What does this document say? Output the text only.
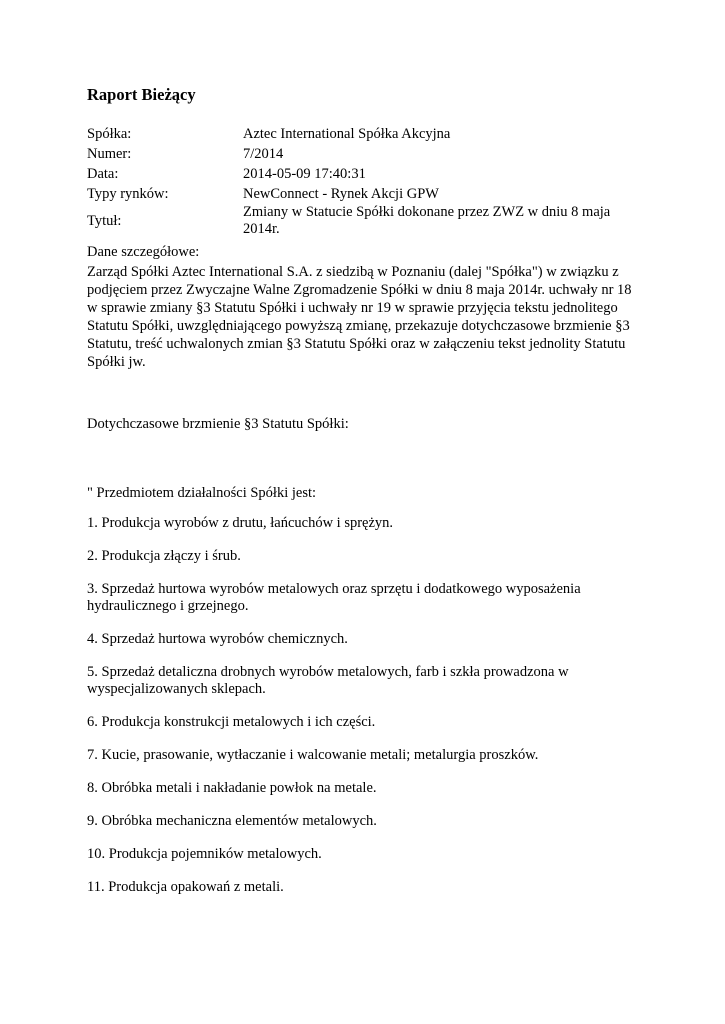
Raport Bieżący
Spółka:	Aztec International Spółka Akcyjna
Numer:	7/2014
Data:	2014-05-09 17:40:31
Typy rynków:	NewConnect - Rynek Akcji GPW
Tytuł:
Zmiany w Statucie Spółki dokonane przez ZWZ w dniu 8 maja 2014r.
Dane szczegółowe:
Zarząd Spółki Aztec International S.A. z siedzibą w Poznaniu (dalej "Spółka") w związku z podjęciem przez Zwyczajne Walne Zgromadzenie Spółki w dniu 8 maja 2014r. uchwały nr 18 w sprawie zmiany §3 Statutu Spółki i uchwały nr 19 w sprawie przyjęcia tekstu jednolitego Statutu Spółki, uwzględniającego powyższą zmianę, przekazuje dotychczasowe brzmienie §3 Statutu, treść uchwalonych zmian §3 Statutu Spółki oraz w załączeniu tekst jednolity Statutu Spółki jw.
Dotychczasowe brzmienie §3 Statutu Spółki:
" Przedmiotem działalności Spółki jest:
1. Produkcja wyrobów z drutu, łańcuchów i sprężyn.
2. Produkcja złączy i śrub.
3. Sprzedaż hurtowa wyrobów metalowych oraz sprzętu i dodatkowego wyposażenia hydraulicznego i grzejnego.
4. Sprzedaż hurtowa wyrobów chemicznych.
5. Sprzedaż detaliczna drobnych wyrobów metalowych, farb i szkła prowadzona w wyspecjalizowanych sklepach.
6. Produkcja konstrukcji metalowych i ich części.
7. Kucie, prasowanie, wytłaczanie i walcowanie metali; metalurgia proszków.
8. Obróbka metali i nakładanie powłok na metale.
9. Obróbka mechaniczna elementów metalowych.
10. Produkcja pojemników metalowych.
11. Produkcja opakowań z metali.
